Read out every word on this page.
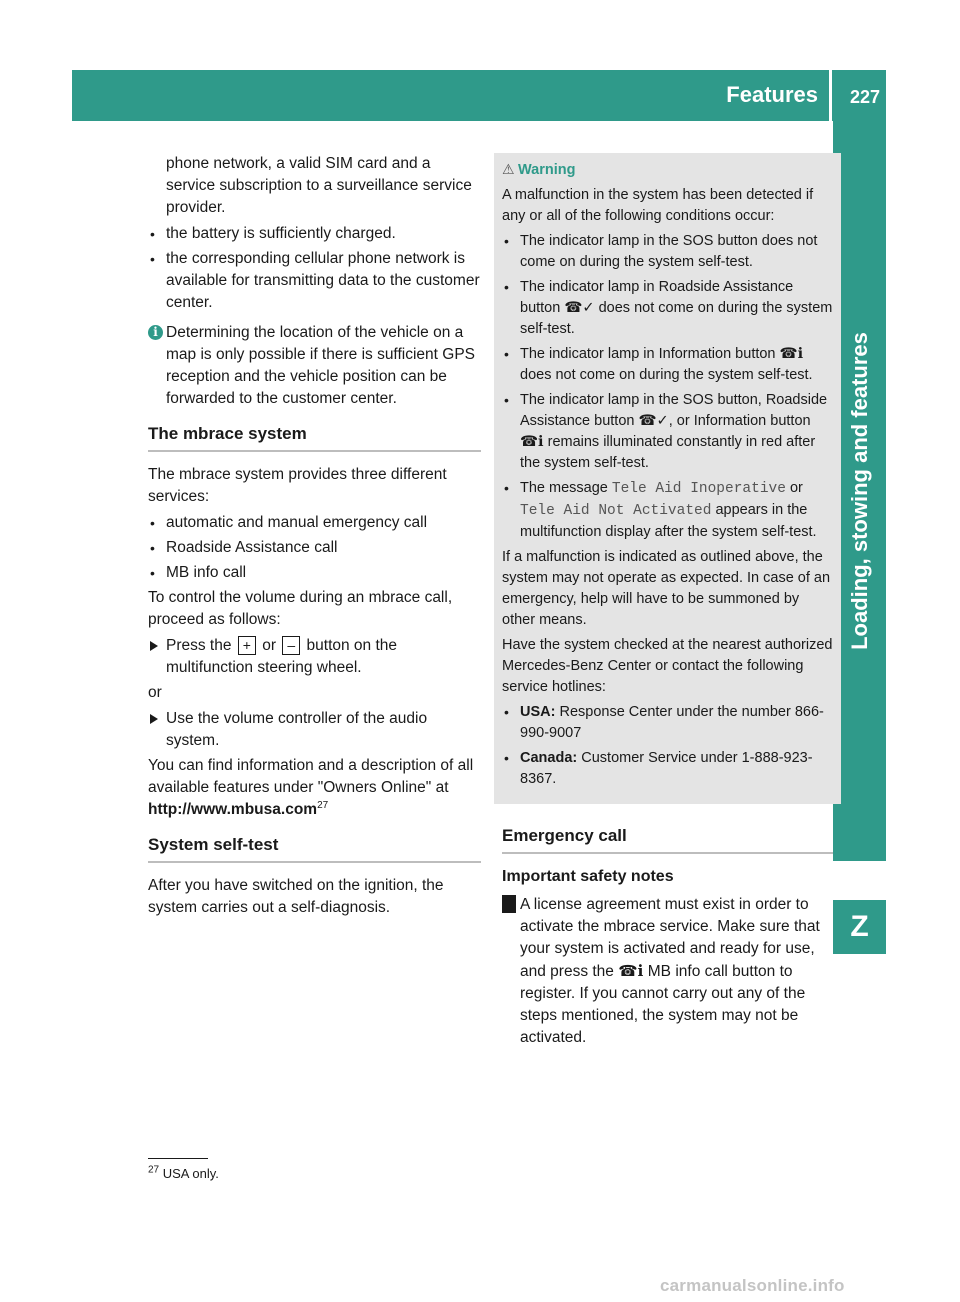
Features 227
Loading, stowing and features
Z

phone network, a valid SIM card and a service subscription to a surveillance service provider.

• the battery is sufficiently charged.
• the corresponding cellular phone network is available for transmitting data to the customer center.
i Determining the location of the vehicle on a map is only possible if there is sufficient GPS reception and the vehicle position can be forwarded to the customer center.
The mbrace system

The mbrace system provides three different services:

• automatic and manual emergency call
• Roadside Assistance call
• MB info call

To control the volume during an mbrace call, proceed as follows:

Press the + or – button on the multifunction steering wheel.

or

Use the volume controller of the audio system.

You can find information and a description of all available features under "Owners Online" at http://www.mbusa.com$^{27}$

System self-test

After you have switched on the ignition, the system carries out a self-diagnosis.

⚠ Warning

A malfunction in the system has been detected if any or all of the following conditions occur:

• The indicator lamp in the SOS button does not come on during the system self-test.
• The indicator lamp in Roadside Assistance button ☎✓ does not come on during the system self-test.
• The indicator lamp in Information button ☎ℹ does not come on during the system self-test.
• The indicator lamp in the SOS button, Roadside Assistance button ☎✓, or Information button ☎ℹ remains illuminated constantly in red after the system self-test.
• The message Tele Aid Inoperative or Tele Aid Not Activated appears in the multifunction display after the system self-test.

If a malfunction is indicated as outlined above, the system may not operate as expected. In case of an emergency, help will have to be summoned by other means.

Have the system checked at the nearest authorized Mercedes-Benz Center or contact the following service hotlines:

• USA: Response Center under the number 866-990-9007
• Canada: Customer Service under 1-888-923-8367.
Emergency call
Important safety notes

! A license agreement must exist in order to activate the mbrace service. Make sure that your system is activated and ready for use, and press the ☎ℹ MB info call button to register. If you cannot carry out any of the steps mentioned, the system may not be activated.

$^{27}$ USA only.
carmanualsonline.info
